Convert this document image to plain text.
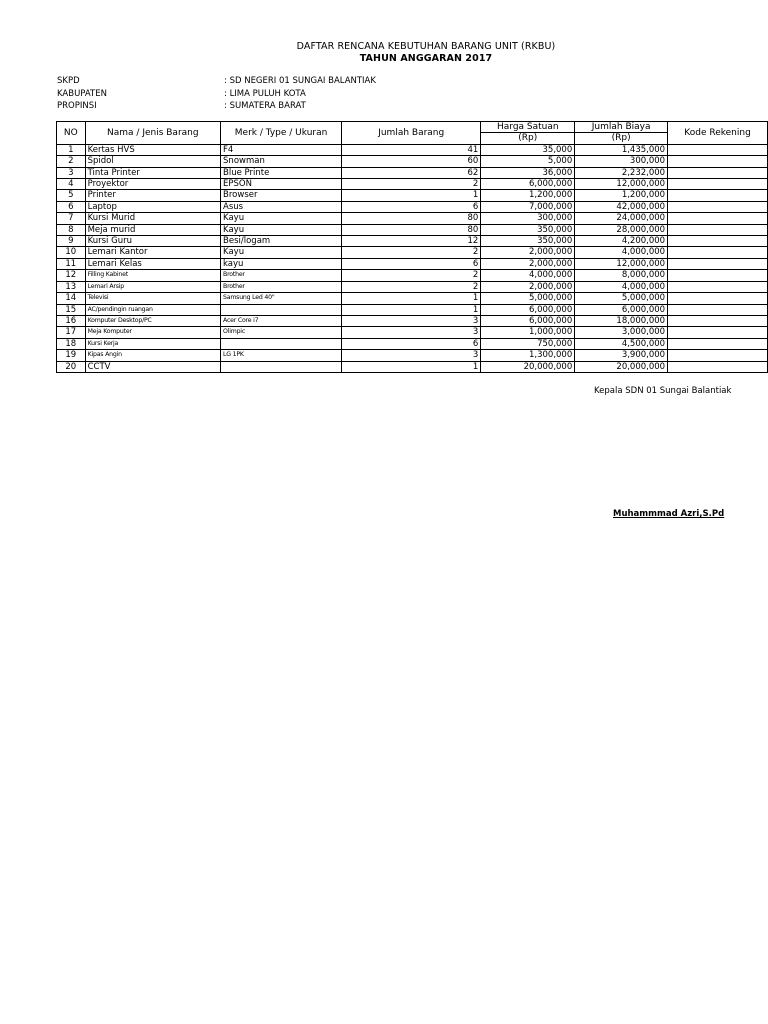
DAFTAR RENCANA KEBUTUHAN BARANG UNIT (RKBU)
TAHUN ANGGARAN 2017
SKPD	: SD NEGERI 01 SUNGAI BALANTIAK
KABUPATEN	: LIMA PULUH KOTA
PROPINSI	: SUMATERA BARAT
NO	Nama / Jenis Barang	Merk / Type / Ukuran	Jumlah Barang	Harga Satuan	Jumlah Biaya	Kode Rekening
				(Rp)	(Rp)	
1	Kertas HVS	F4	41	35,000	1,435,000	
2	Spidol	Snowman	60	5,000	300,000	
3	Tinta Printer	Blue Printe	62	36,000	2,232,000	
4	Proyektor	EPSON	2	6,000,000	12,000,000	
5	Printer	Browser	1	1,200,000	1,200,000	
6	Laptop	Asus	6	7,000,000	42,000,000	
7	Kursi Murid	Kayu	80	300,000	24,000,000	
8	Meja murid	Kayu	80	350,000	28,000,000	
9	Kursi Guru	Besi/logam	12	350,000	4,200,000	
10	Lemari Kantor	Kayu	2	2,000,000	4,000,000	
11	Lemari Kelas	kayu	6	2,000,000	12,000,000	
12	Filling Kabinet	Brother	2	4,000,000	8,000,000	
13	Lemari Arsip	Brother	2	2,000,000	4,000,000	
14	Televisi	Samsung Led 40"	1	5,000,000	5,000,000	
15	AC/pendingin ruangan		1	6,000,000	6,000,000	
16	Komputer Desktop/PC	Acer Core i7	3	6,000,000	18,000,000	
17	Meja Komputer	Olimpic	3	1,000,000	3,000,000	
18	Kursi Kerja		6	750,000	4,500,000	
19	Kipas Angin	LG 1PK	3	1,300,000	3,900,000	
20	CCTV		1	20,000,000	20,000,000	
Kepala SDN 01 Sungai Balantiak
Muhammmad Azri,S.Pd
